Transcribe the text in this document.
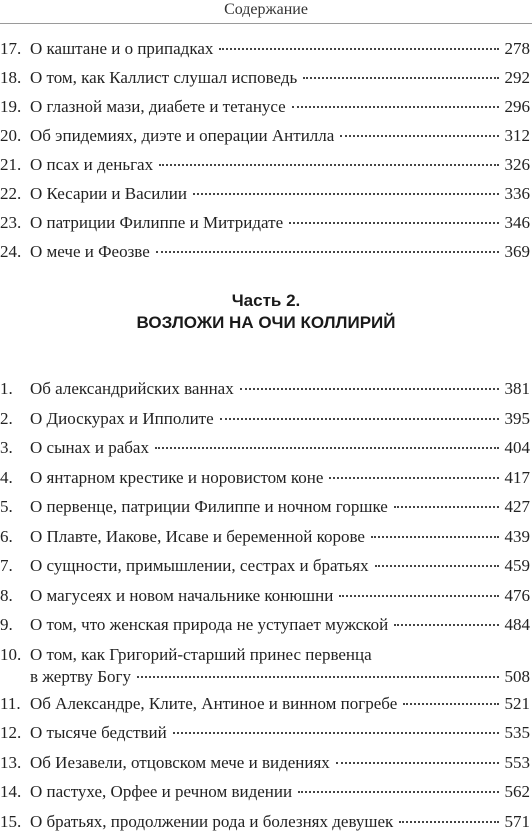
Содержание
17. О каштане и о припадках	278
18. О том, как Каллист слушал исповедь	292
19. О глазной мази, диабете и тетанусе	296
20. Об эпидемиях, диэте и операции Антилла	312
21. О псах и деньгах	326
22. О Кесарии и Василии	336
23. О патриции Филиппе и Митридате	346
24. О мече и Феозве	369
Часть 2.
ВОЗЛОЖИ НА ОЧИ КОЛЛИРИЙ
1.	Об александрийских ваннах	381
2.	О Диоскурах и Ипполите	395
3.	О сынах и рабах	404
4.	О янтарном крестике и норовистом коне	417
5.	О первенце, патриции Филиппе и ночном горшке	427
6.	О Плавте, Иакове, Исаве и беременной корове	439
7.	О сущности, примышлении, сестрах и братьях	459
8.	О магусеях и новом начальнике конюшни	476
9.	О том, что женская природа не уступает мужской	484
10. О том, как Григорий-старший принес первенца
в жертву Богу	508
11. Об Александре, Клите, Антиное и винном погребе	521
12. О тысяче бедствий	535
13. Об Иезавели, отцовском мече и видениях	553
14. О пастухе, Орфее и речном видении	562
15. О братьях, продолжении рода и болезнях девушек	571
